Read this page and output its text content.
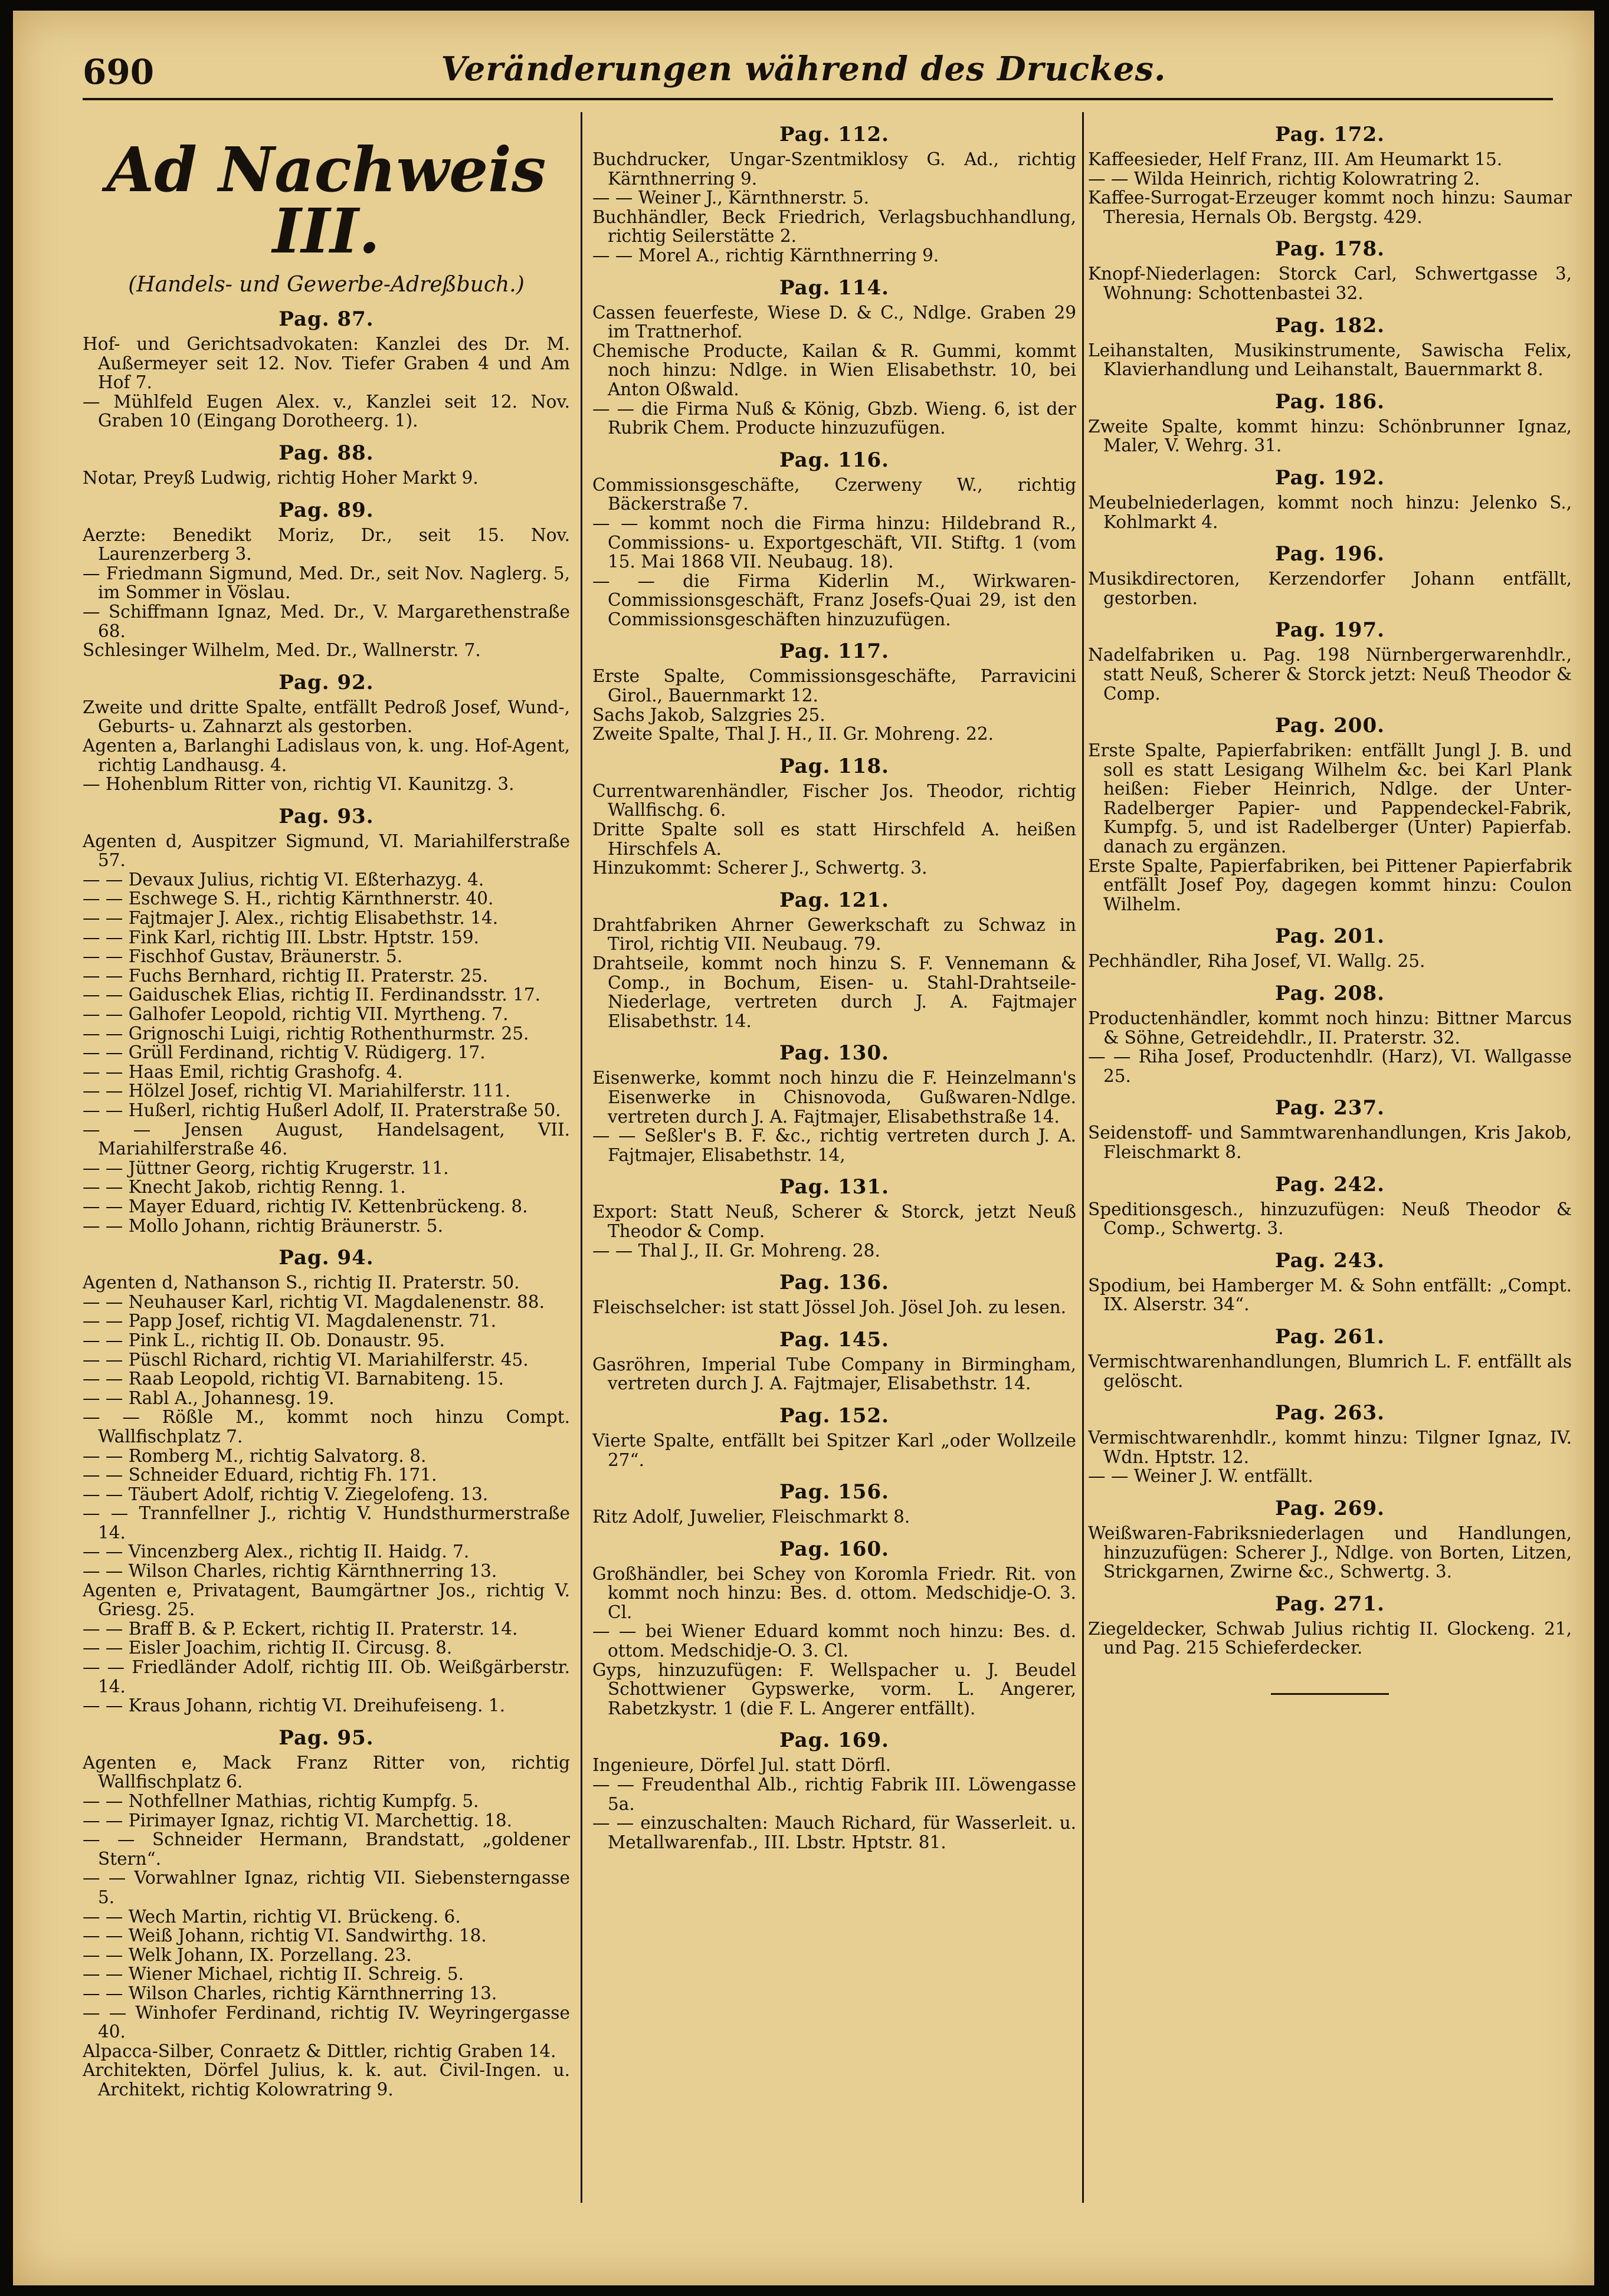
690	Veränderungen während des Druckes.
Ad Nachweis III.
(Handels- und Gewerbe-Adreßbuch.)
Pag. 87.

Hof- und Gerichtsadvokaten: Kanzlei des Dr. M. Außermeyer seit 12. Nov. Tiefer Graben 4 und Am Hof 7.

— Mühlfeld Eugen Alex. v., Kanzlei seit 12. Nov. Graben 10 (Eingang Dorotheerg. 1).

Pag. 88.

Notar, Preyß Ludwig, richtig Hoher Markt 9.

Pag. 89.

Aerzte: Benedikt Moriz, Dr., seit 15. Nov. Laurenzerberg 3.

— Friedmann Sigmund, Med. Dr., seit Nov. Naglerg. 5, im Sommer in Vöslau.

— Schiffmann Ignaz, Med. Dr., V. Margarethenstraße 68.

Schlesinger Wilhelm, Med. Dr., Wallnerstr. 7.

Pag. 92.

Zweite und dritte Spalte, entfällt Pedroß Josef, Wund-, Geburts- u. Zahnarzt als gestorben.

Agenten a, Barlanghi Ladislaus von, k. ung. Hof-Agent, richtig Landhausg. 4.

— Hohenblum Ritter von, richtig VI. Kaunitzg. 3.

Pag. 93.

Agenten d, Auspitzer Sigmund, VI. Mariahilferstraße 57.

— — Devaux Julius, richtig VI. Eßterhazyg. 4.

— — Eschwege S. H., richtig Kärnthnerstr. 40.

— — Fajtmajer J. Alex., richtig Elisabethstr. 14.

— — Fink Karl, richtig III. Lbstr. Hptstr. 159.

— — Fischhof Gustav, Bräunerstr. 5.

— — Fuchs Bernhard, richtig II. Praterstr. 25.

— — Gaiduschek Elias, richtig II. Ferdinandsstr. 17.

— — Galhofer Leopold, richtig VII. Myrtheng. 7.

— — Grignoschi Luigi, richtig Rothenthurmstr. 25.

— — Grüll Ferdinand, richtig V. Rüdigerg. 17.

— — Haas Emil, richtig Grashofg. 4.

— — Hölzel Josef, richtig VI. Mariahilferstr. 111.

— — Hußerl, richtig Hußerl Adolf, II. Praterstraße 50.

— — Jensen August, Handelsagent, VII. Mariahilferstraße 46.

— — Jüttner Georg, richtig Krugerstr. 11.

— — Knecht Jakob, richtig Renng. 1.

— — Mayer Eduard, richtig IV. Kettenbrückeng. 8.

— — Mollo Johann, richtig Bräunerstr. 5.

Pag. 94.

Agenten d, Nathanson S., richtig II. Praterstr. 50.

— — Neuhauser Karl, richtig VI. Magdalenenstr. 88.

— — Papp Josef, richtig VI. Magdalenenstr. 71.

— — Pink L., richtig II. Ob. Donaustr. 95.

— — Püschl Richard, richtig VI. Mariahilferstr. 45.

— — Raab Leopold, richtig VI. Barnabiteng. 15.

— — Rabl A., Johannesg. 19.

— — Rößle M., kommt noch hinzu Compt. Wallfischplatz 7.

— — Romberg M., richtig Salvatorg. 8.

— — Schneider Eduard, richtig Fh. 171.

— — Täubert Adolf, richtig V. Ziegelofeng. 13.

— — Trannfellner J., richtig V. Hundsthurmerstraße 14.

— — Vincenzberg Alex., richtig II. Haidg. 7.

— — Wilson Charles, richtig Kärnthnerring 13.

Agenten e, Privatagent, Baumgärtner Jos., richtig V. Griesg. 25.

— — Braff B. & P. Eckert, richtig II. Praterstr. 14.

— — Eisler Joachim, richtig II. Circusg. 8.

— — Friedländer Adolf, richtig III. Ob. Weißgärberstr. 14.

— — Kraus Johann, richtig VI. Dreihufeiseng. 1.

Pag. 95.

Agenten e, Mack Franz Ritter von, richtig Wallfischplatz 6.

— — Nothfellner Mathias, richtig Kumpfg. 5.

— — Pirimayer Ignaz, richtig VI. Marchettig. 18.

— — Schneider Hermann, Brandstatt, „goldener Stern“.

— — Vorwahlner Ignaz, richtig VII. Siebensterngasse 5.

— — Wech Martin, richtig VI. Brückeng. 6.

— — Weiß Johann, richtig VI. Sandwirthg. 18.

— — Welk Johann, IX. Porzellang. 23.

— — Wiener Michael, richtig II. Schreig. 5.

— — Wilson Charles, richtig Kärnthnerring 13.

— — Winhofer Ferdinand, richtig IV. Weyringergasse 40.

Alpacca-Silber, Conraetz & Dittler, richtig Graben 14.

Architekten, Dörfel Julius, k. k. aut. Civil-Ingen. u. Architekt, richtig Kolowratring 9.

Pag. 112.

Buchdrucker, Ungar-Szentmiklosy G. Ad., richtig Kärnthnerring 9.

— — Weiner J., Kärnthnerstr. 5.

Buchhändler, Beck Friedrich, Verlagsbuchhandlung, richtig Seilerstätte 2.

— — Morel A., richtig Kärnthnerring 9.

Pag. 114.

Cassen feuerfeste, Wiese D. & C., Ndlge. Graben 29 im Trattnerhof.

Chemische Producte, Kailan & R. Gummi, kommt noch hinzu: Ndlge. in Wien Elisabethstr. 10, bei Anton Oßwald.

— — die Firma Nuß & König, Gbzb. Wieng. 6, ist der Rubrik Chem. Producte hinzuzufügen.

Pag. 116.

Commissionsgeschäfte, Czerweny W., richtig Bäckerstraße 7.

— — kommt noch die Firma hinzu: Hildebrand R., Commissions- u. Exportgeschäft, VII. Stiftg. 1 (vom 15. Mai 1868 VII. Neubaug. 18).

— — die Firma Kiderlin M., Wirkwaren-Commissionsgeschäft, Franz Josefs-Quai 29, ist den Commissionsgeschäften hinzuzufügen.

Pag. 117.

Erste Spalte, Commissionsgeschäfte, Parravicini Girol., Bauernmarkt 12.

Sachs Jakob, Salzgries 25.

Zweite Spalte, Thal J. H., II. Gr. Mohreng. 22.

Pag. 118.

Currentwarenhändler, Fischer Jos. Theodor, richtig Wallfischg. 6.

Dritte Spalte soll es statt Hirschfeld A. heißen Hirschfels A.

Hinzukommt: Scherer J., Schwertg. 3.

Pag. 121.

Drahtfabriken Ahrner Gewerkschaft zu Schwaz in Tirol, richtig VII. Neubaug. 79.

Drahtseile, kommt noch hinzu S. F. Vennemann & Comp., in Bochum, Eisen- u. Stahl-Drahtseile-Niederlage, vertreten durch J. A. Fajtmajer Elisabethstr. 14.

Pag. 130.

Eisenwerke, kommt noch hinzu die F. Heinzelmann's Eisenwerke in Chisnovoda, Gußwaren-Ndlge. vertreten durch J. A. Fajtmajer, Elisabethstraße 14.

— — Seßler's B. F. &c., richtig vertreten durch J. A. Fajtmajer, Elisabethstr. 14,

Pag. 131.

Export: Statt Neuß, Scherer & Storck, jetzt Neuß Theodor & Comp.

— — Thal J., II. Gr. Mohreng. 28.

Pag. 136.

Fleischselcher: ist statt Jössel Joh. Jösel Joh. zu lesen.

Pag. 145.

Gasröhren, Imperial Tube Company in Birmingham, vertreten durch J. A. Fajtmajer, Elisabethstr. 14.

Pag. 152.

Vierte Spalte, entfällt bei Spitzer Karl „oder Wollzeile 27“.

Pag. 156.

Ritz Adolf, Juwelier, Fleischmarkt 8.

Pag. 160.

Großhändler, bei Schey von Koromla Friedr. Rit. von kommt noch hinzu: Bes. d. ottom. Medschidje-O. 3. Cl.

— — bei Wiener Eduard kommt noch hinzu: Bes. d. ottom. Medschidje-O. 3. Cl.

Gyps, hinzuzufügen: F. Wellspacher u. J. Beudel Schottwiener Gypswerke, vorm. L. Angerer, Rabetzkystr. 1 (die F. L. Angerer entfällt).

Pag. 169.

Ingenieure, Dörfel Jul. statt Dörfl.

— — Freudenthal Alb., richtig Fabrik III. Löwengasse 5a.

— — einzuschalten: Mauch Richard, für Wasserleit. u. Metallwarenfab., III. Lbstr. Hptstr. 81.

Pag. 172.

Kaffeesieder, Helf Franz, III. Am Heumarkt 15.

— — Wilda Heinrich, richtig Kolowratring 2.

Kaffee-Surrogat-Erzeuger kommt noch hinzu: Saumar Theresia, Hernals Ob. Bergstg. 429.

Pag. 178.

Knopf-Niederlagen: Storck Carl, Schwertgasse 3, Wohnung: Schottenbastei 32.

Pag. 182.

Leihanstalten, Musikinstrumente, Sawischa Felix, Klavierhandlung und Leihanstalt, Bauernmarkt 8.

Pag. 186.

Zweite Spalte, kommt hinzu: Schönbrunner Ignaz, Maler, V. Wehrg. 31.

Pag. 192.

Meubelniederlagen, kommt noch hinzu: Jelenko S., Kohlmarkt 4.

Pag. 196.

Musikdirectoren, Kerzendorfer Johann entfällt, gestorben.

Pag. 197.

Nadelfabriken u. Pag. 198 Nürnbergerwarenhdlr., statt Neuß, Scherer & Storck jetzt: Neuß Theodor & Comp.

Pag. 200.

Erste Spalte, Papierfabriken: entfällt Jungl J. B. und soll es statt Lesigang Wilhelm &c. bei Karl Plank heißen: Fieber Heinrich, Ndlge. der Unter-Radelberger Papier- und Pappendeckel-Fabrik, Kumpfg. 5, und ist Radelberger (Unter) Papierfab. danach zu ergänzen.

Erste Spalte, Papierfabriken, bei Pittener Papierfabrik entfällt Josef Poy, dagegen kommt hinzu: Coulon Wilhelm.

Pag. 201.

Pechhändler, Riha Josef, VI. Wallg. 25.

Pag. 208.

Productenhändler, kommt noch hinzu: Bittner Marcus & Söhne, Getreidehdlr., II. Praterstr. 32.

— — Riha Josef, Productenhdlr. (Harz), VI. Wallgasse 25.

Pag. 237.

Seidenstoff- und Sammtwarenhandlungen, Kris Jakob, Fleischmarkt 8.

Pag. 242.

Speditionsgesch., hinzuzufügen: Neuß Theodor & Comp., Schwertg. 3.

Pag. 243.

Spodium, bei Hamberger M. & Sohn entfällt: „Compt. IX. Alserstr. 34“.

Pag. 261.

Vermischtwarenhandlungen, Blumrich L. F. entfällt als gelöscht.

Pag. 263.

Vermischtwarenhdlr., kommt hinzu: Tilgner Ignaz, IV. Wdn. Hptstr. 12.

— — Weiner J. W. entfällt.

Pag. 269.

Weißwaren-Fabriksniederlagen und Handlungen, hinzuzufügen: Scherer J., Ndlge. von Borten, Litzen, Strickgarnen, Zwirne &c., Schwertg. 3.

Pag. 271.

Ziegeldecker, Schwab Julius richtig II. Glockeng. 21, und Pag. 215 Schieferdecker.
